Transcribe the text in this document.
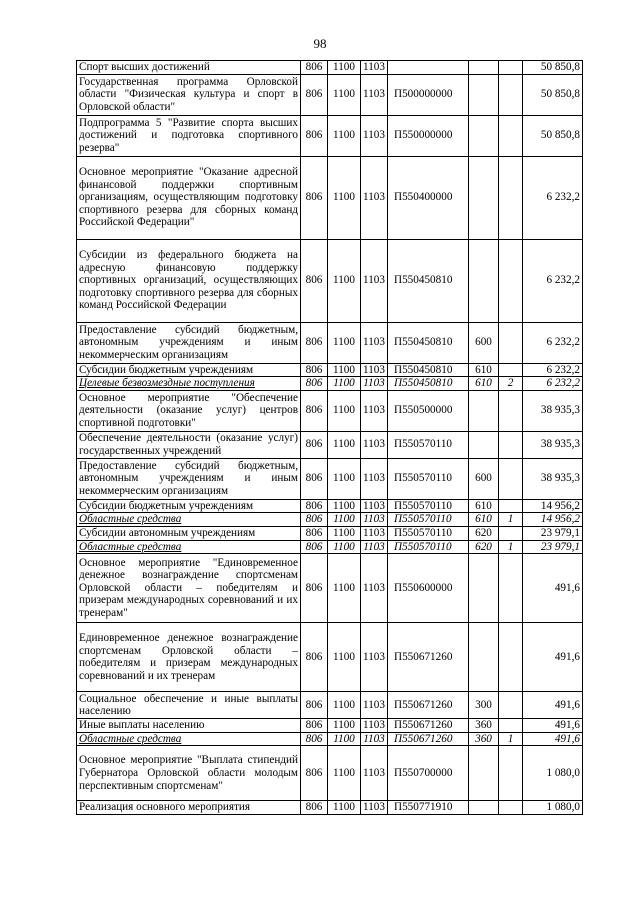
98
Спорт высших достижений	806	1100	1103				50 850,8
Государственная программа Орловской области "Физическая культура и спорт в Орловской области"	806	1100	1103	П500000000			50 850,8
Подпрограмма 5 "Развитие спорта высших достижений и подготовка спортивного резерва"	806	1100	1103	П550000000			50 850,8
Основное мероприятие "Оказание адресной финансовой поддержки спортивным организациям, осуществляющим подготовку спортивного резерва для сборных команд Российской Федерации"	806	1100	1103	П550400000			6 232,2
Субсидии из федерального бюджета на адресную финансовую поддержку спортивных организаций, осуществляющих подготовку спортивного резерва для сборных команд Российской Федерации	806	1100	1103	П550450810			6 232,2
Предоставление субсидий бюджетным, автономным учреждениям и иным некоммерческим организациям	806	1100	1103	П550450810	600		6 232,2
Субсидии бюджетным учреждениям	806	1100	1103	П550450810	610		6 232,2
Целевые безвозмездные поступления	806	1100	1103	П550450810	610	2	6 232,2
Основное мероприятие "Обеспечение деятельности (оказание услуг) центров спортивной подготовки"	806	1100	1103	П550500000			38 935,3
Обеспечение деятельности (оказание услуг) государственных учреждений	806	1100	1103	П550570110			38 935,3
Предоставление субсидий бюджетным, автономным учреждениям и иным некоммерческим организациям	806	1100	1103	П550570110	600		38 935,3
Субсидии бюджетным учреждениям	806	1100	1103	П550570110	610		14 956,2
Областные средства	806	1100	1103	П550570110	610	1	14 956,2
Субсидии автономным учреждениям	806	1100	1103	П550570110	620		23 979,1
Областные средства	806	1100	1103	П550570110	620	1	23 979,1
Основное мероприятие "Единовременное денежное вознаграждение спортсменам Орловской области – победителям и призерам международных соревнований и их тренерам"	806	1100	1103	П550600000			491,6
Единовременное денежное вознаграждение спортсменам Орловской области – победителям и призерам международных соревнований и их тренерам	806	1100	1103	П550671260			491,6
Социальное обеспечение и иные выплаты населению	806	1100	1103	П550671260	300		491,6
Иные выплаты населению	806	1100	1103	П550671260	360		491,6
Областные средства	806	1100	1103	П550671260	360	1	491,6
Основное мероприятие "Выплата стипендий Губернатора Орловской области молодым перспективным спортсменам"	806	1100	1103	П550700000			1 080,0
Реализация основного мероприятия	806	1100	1103	П550771910			1 080,0
